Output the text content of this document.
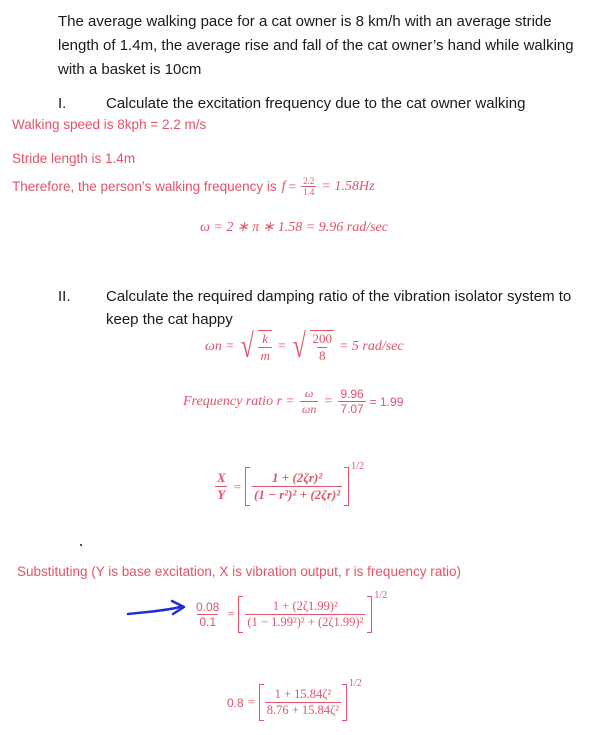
The average walking pace for a cat owner is 8 km/h with an average stride
length of 1.4m, the average rise and fall of the cat owner’s hand while walking
with a basket is 10cm
I.	Calculate the excitation frequency due to the cat owner walking
Walking speed is 8kph = 2.2 m/s
Stride length is 1.4m
Therefore, the person’s walking frequency is $f = \frac{2.2}{1.4} = 1.58Hz$
ω = 2 ∗ π ∗ 1.58 = 9.96 rad/sec
II. Calculate the required damping ratio of the vibration isolator system to
keep the cat happy
ωn = √ $\frac{k}{m}$ = √ $\frac{200}{8} = 5$ rad/sec
Frequency ratio $r = \frac{\omega}{\omega n} = \frac{9.96}{7.07} = 1.99$
$\frac{X}{Y} = \frac{\text{1 + (2ζr)²}}{\text{(1 − r²)² + (2ζr)²}}$
1/2
Substituting (Y is base excitation, X is vibration output, r is frequency ratio)
$\frac{0.08}{0.1} = \frac{\text{1 + (2ζ1.99)²}}{\text{(1 − 1.99²)² + (2ζ1.99)²}}$
1/2
$0.8 = \frac{\text{1 + 15.84ζ²}}{\text{8.76 + 15.84ζ²}}$
1/2
